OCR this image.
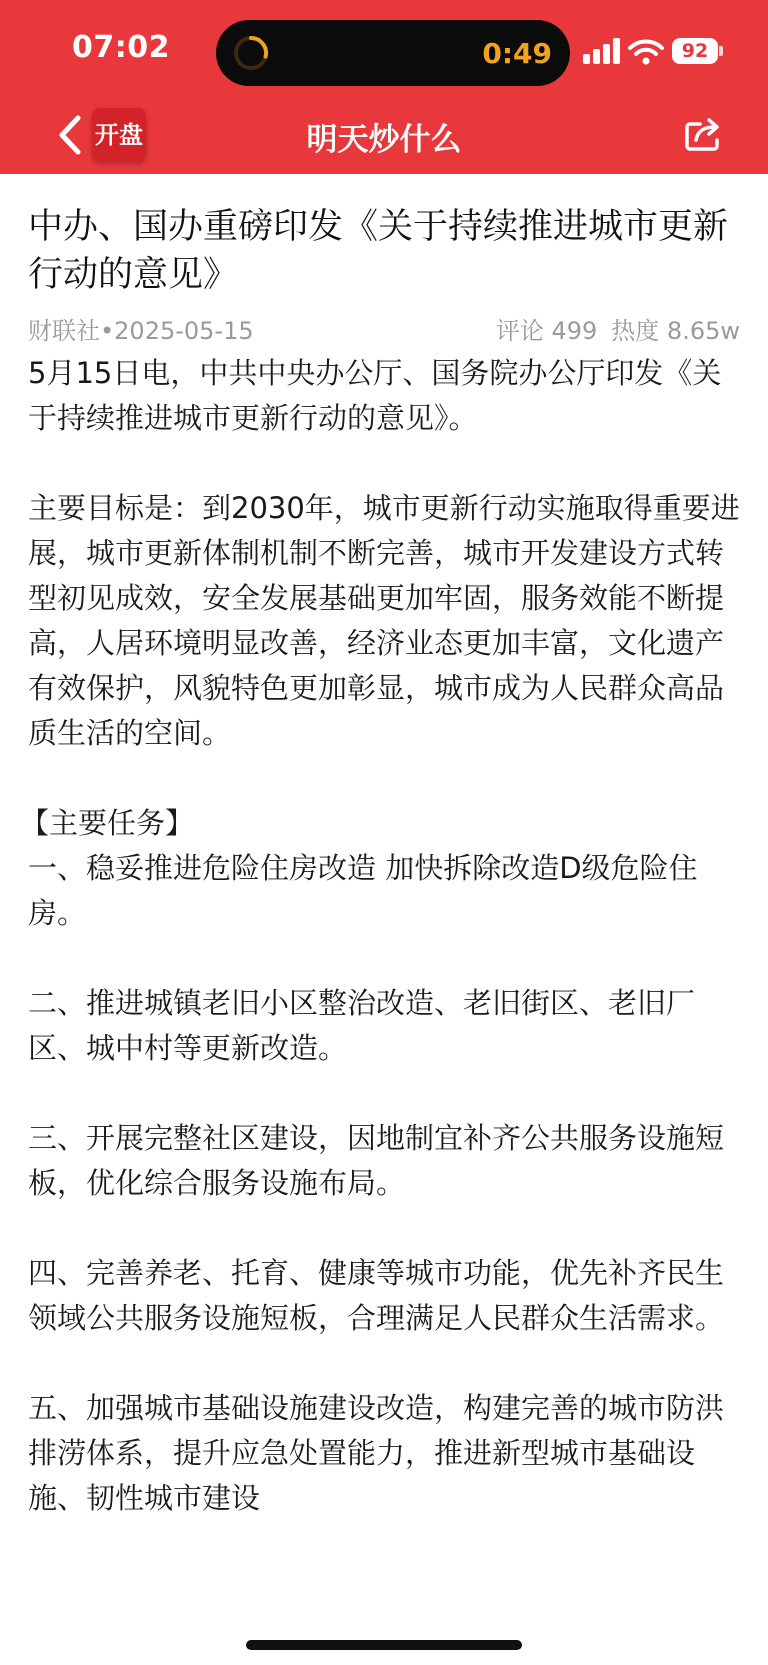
07:02	0:49	92
开盘	明天炒什么
中办、国办重磅印发《关于持续推进城市更新行动的意见》
财联社•2025-05-15	评论 499 热度 8.65w

5月15日电，中共中央办公厅、国务院办公厅印发《关于持续推进城市更新行动的意见》。

主要目标是：到2030年，城市更新行动实施取得重要进展，城市更新体制机制不断完善，城市开发建设方式转型初见成效，安全发展基础更加牢固，服务效能不断提高，人居环境明显改善，经济业态更加丰富，文化遗产有效保护，风貌特色更加彰显，城市成为人民群众高品质生活的空间。

【主要任务】

一、稳妥推进危险住房改造 加快拆除改造D级危险住房。

二、推进城镇老旧小区整治改造、老旧街区、老旧厂区、城中村等更新改造。

三、开展完整社区建设，因地制宜补齐公共服务设施短板，优化综合服务设施布局。

四、完善养老、托育、健康等城市功能，优先补齐民生领域公共服务设施短板，合理满足人民群众生活需求。

五、加强城市基础设施建设改造，构建完善的城市防洪排涝体系，提升应急处置能力，推进新型城市基础设施、韧性城市建设
